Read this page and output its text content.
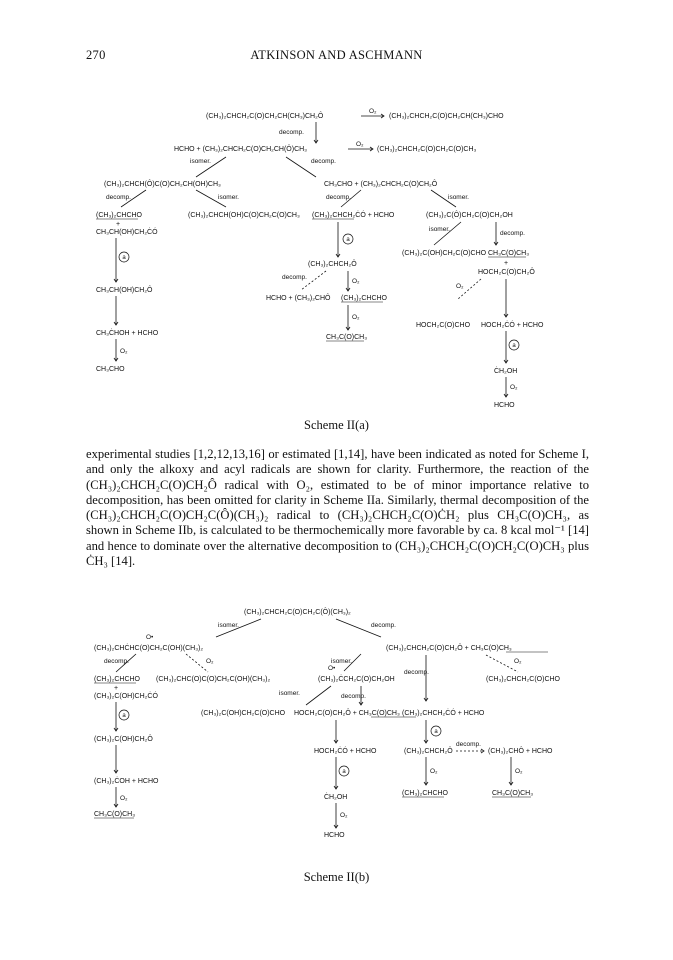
270	ATKINSON AND ASCHMANN
(CH₃)₂CHCH₂C(O)CH₂CH(CH₃)CH₂Ô
O₂
(CH₃)₂CHCH₂C(O)CH₂CH(CH₃)CHO
decomp.
HCHO + (CH₃)₂CHCH₂C(O)CH₂CH(Ô)CH₃
O₂
(CH₃)₂CHCH₂C(O)CH₂C(O)CH₃
isomer.	decomp.
(CH₃)₂CHCH(Ô)C(O)CH₂CH(OH)CH₃	CH₃CHO + (CH₃)₂CHCH₂C(O)CH₂Ô
decomp.	isomer.	decomp.	isomer.
(CH₃)₂CHCHO
+
CH₃CH(OH)CH₂ĊÓ
a
CH₃CH(OH)CH₂Ô
CH₃ĊHOH + HCHO
O₂
CH₃CHO
(CH₃)₂CHCH(OH)C(O)CH₂C(O)CH₃ (CH₃)₂CHCH₂ĊÓ + HCHO
a
(CH₃)₂CHCH₂Ô
decomp.
O₂
HCHO + (CH₃)₂CHÔ (CH₃)₂CHCHO
O₂
CH₃C(O)CH₃
(CH₃)₂C(Ô)CH₂C(O)CH₂OH
isomer.
decomp.
(CH₃)₂C(OH)CH₂C(O)CHO CH₃C(O)CH₃
+
HOCH₂C(O)CH₂Ô
O₂
HOCH₂C(O)CHO HOCH₂ĊÓ + HCHO
a
ĊH₂OH
O₂
HCHO
Scheme II(a)

experimental studies [1,2,12,13,16] or estimated [1,14], have been indicated as noted for Scheme I, and only the alkoxy and acyl radicals are shown for clarity. Furthermore, the reaction of the (CH₃)₂CHCH₂C(O)CH₂Ô radical with O₂, estimated to be of minor importance relative to decomposition, has been omitted for clarity in Scheme IIa. Similarly, thermal decomposition of the (CH₃)₂CHCH₂C(O)CH₂C(Ô)(CH₃)₂ radical to (CH₃)₂CHCH₂C(O)ĊH₂ plus CH₃C(O)CH₃, as shown in Scheme IIb, is calculated to be thermochemically more favorable by ca. 8 kcal mol⁻¹ [14] and hence to dominate over the alternative decomposition to (CH₃)₂CHCH₂C(O)CH₂C(O)CH₃ plus ĊH₃ [14].

(CH₃)₂CHCH₂C(O)CH₂C(Ô)(CH₃)₂
isomer.	decomp.
O•
(CH₃)₂CHĊHC(O)CH₂C(OH)(CH₃)₂
decomp.	O₂
(CH₃)₂CHCHO
+
(CH₃)₂C(OH)CH₂ĊÓ
a
(CH₃)₂C(OH)CH₂Ô
(CH₃)₂ĊOH + HCHO
O₂
CH₃C(O)CH₃
(CH₃)₂CHC(O)C(O)CH₂C(OH)(CH₃)₂
O•
(CH₃)₂ĊCH₂C(O)CH₂OH
isomer.
isomer.	decomp.
(CH₃)₂C(OH)CH₂C(O)CHO HOCH₂C(O)CH₂Ô + CH₃C(O)CH₃
HOCH₂ĊÓ + HCHO
a
ĊH₂OH
O₂
HCHO
(CH₃)₂CHCH₂C(O)CH₂Ô + CH₃C(O)CH₃
decomp.
O₂
(CH₃)₂CHCH₂C(O)CHO
(CH₃)₂CHCH₂ĊÓ + HCHO
a
(CH₃)₂CHCH₂Ô
decomp.
(CH₃)₂CHÔ + HCHO
O₂	O₂
(CH₃)₂CHCHO	CH₃C(O)CH₃
Scheme II(b)
